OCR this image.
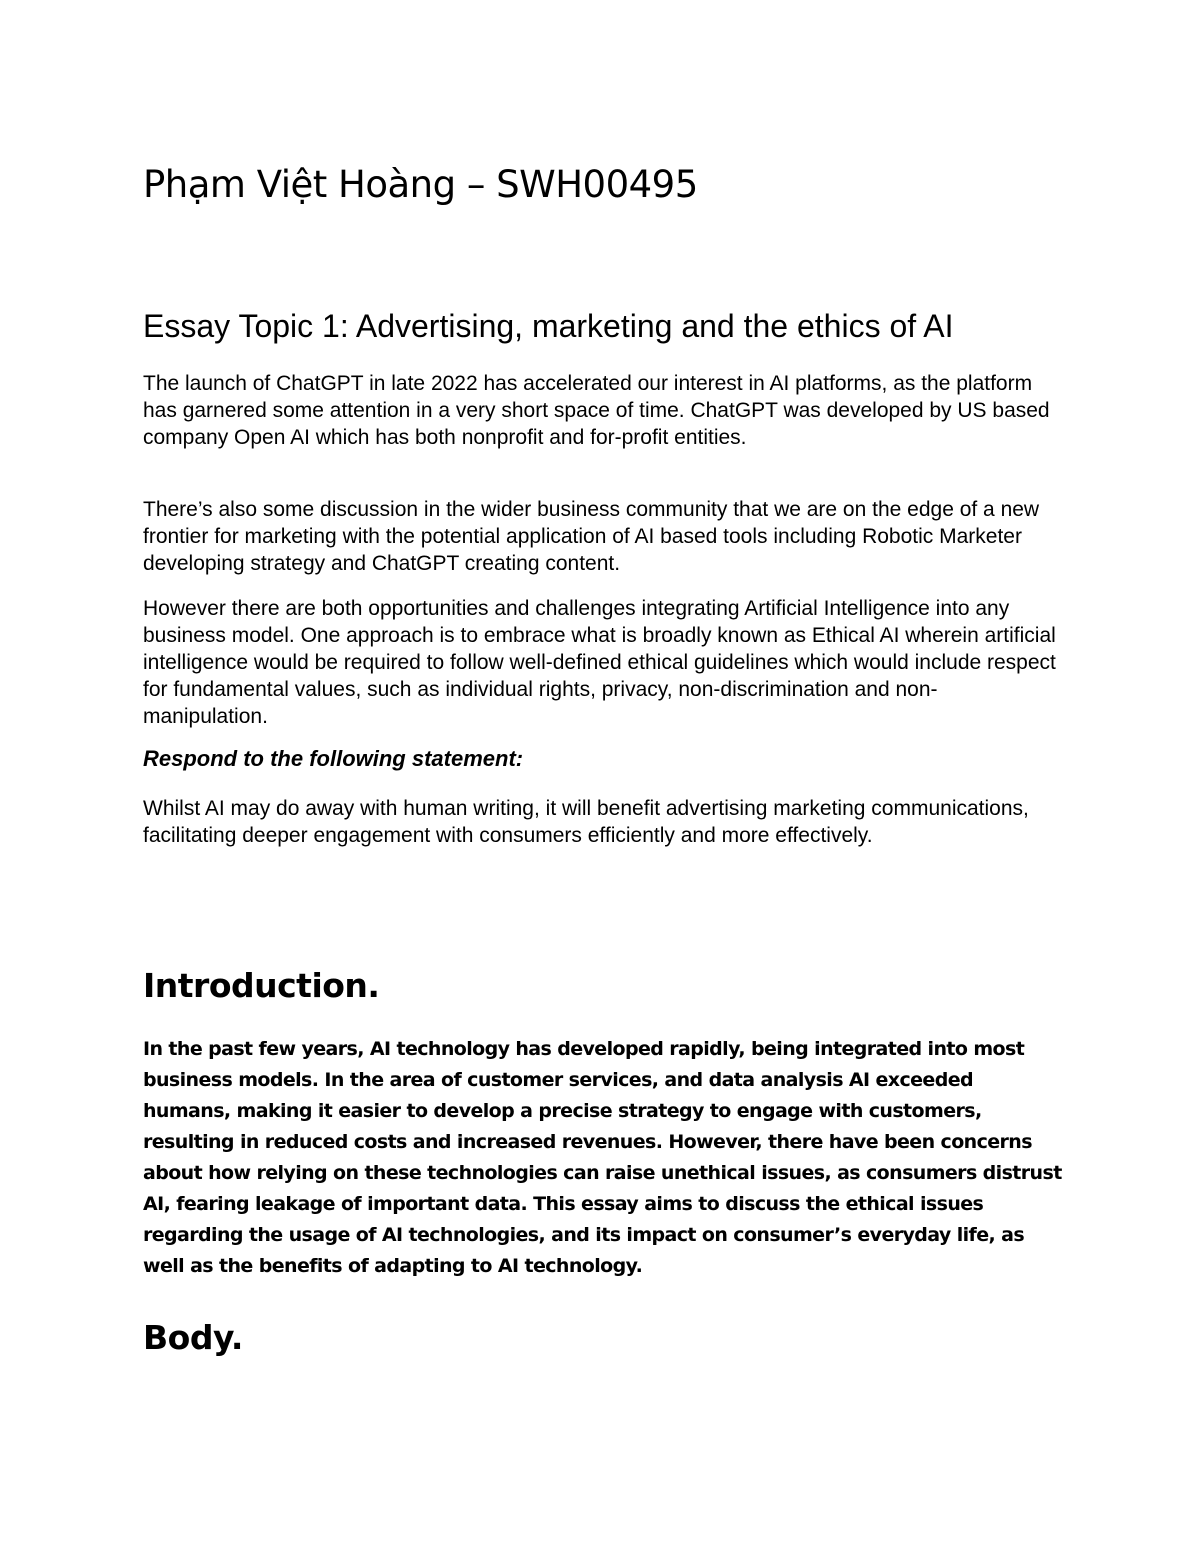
Phạm Việt Hoàng – SWH00495
Essay Topic 1: Advertising, marketing and the ethics of AI

The launch of ChatGPT in late 2022 has accelerated our interest in AI platforms, as the platform has garnered some attention in a very short space of time. ChatGPT was developed by US based company Open AI which has both nonprofit and for-profit entities.

There’s also some discussion in the wider business community that we are on the edge of a new frontier for marketing with the potential application of AI based tools including Robotic Marketer developing strategy and ChatGPT creating content.

However there are both opportunities and challenges integrating Artificial Intelligence into any business model. One approach is to embrace what is broadly known as Ethical AI wherein artificial intelligence would be required to follow well-defined ethical guidelines which would include respect for fundamental values, such as individual rights, privacy, non-discrimination and non-manipulation.

Respond to the following statement:

Whilst AI may do away with human writing, it will benefit advertising marketing communications, facilitating deeper engagement with consumers efficiently and more effectively.

Introduction.

In the past few years, AI technology has developed rapidly, being integrated into most business models. In the area of customer services, and data analysis AI exceeded humans, making it easier to develop a precise strategy to engage with customers, resulting in reduced costs and increased revenues. However, there have been concerns about how relying on these technologies can raise unethical issues, as consumers distrust AI, fearing leakage of important data. This essay aims to discuss the ethical issues regarding the usage of AI technologies, and its impact on consumer’s everyday life, as well as the benefits of adapting to AI technology.

Body.
